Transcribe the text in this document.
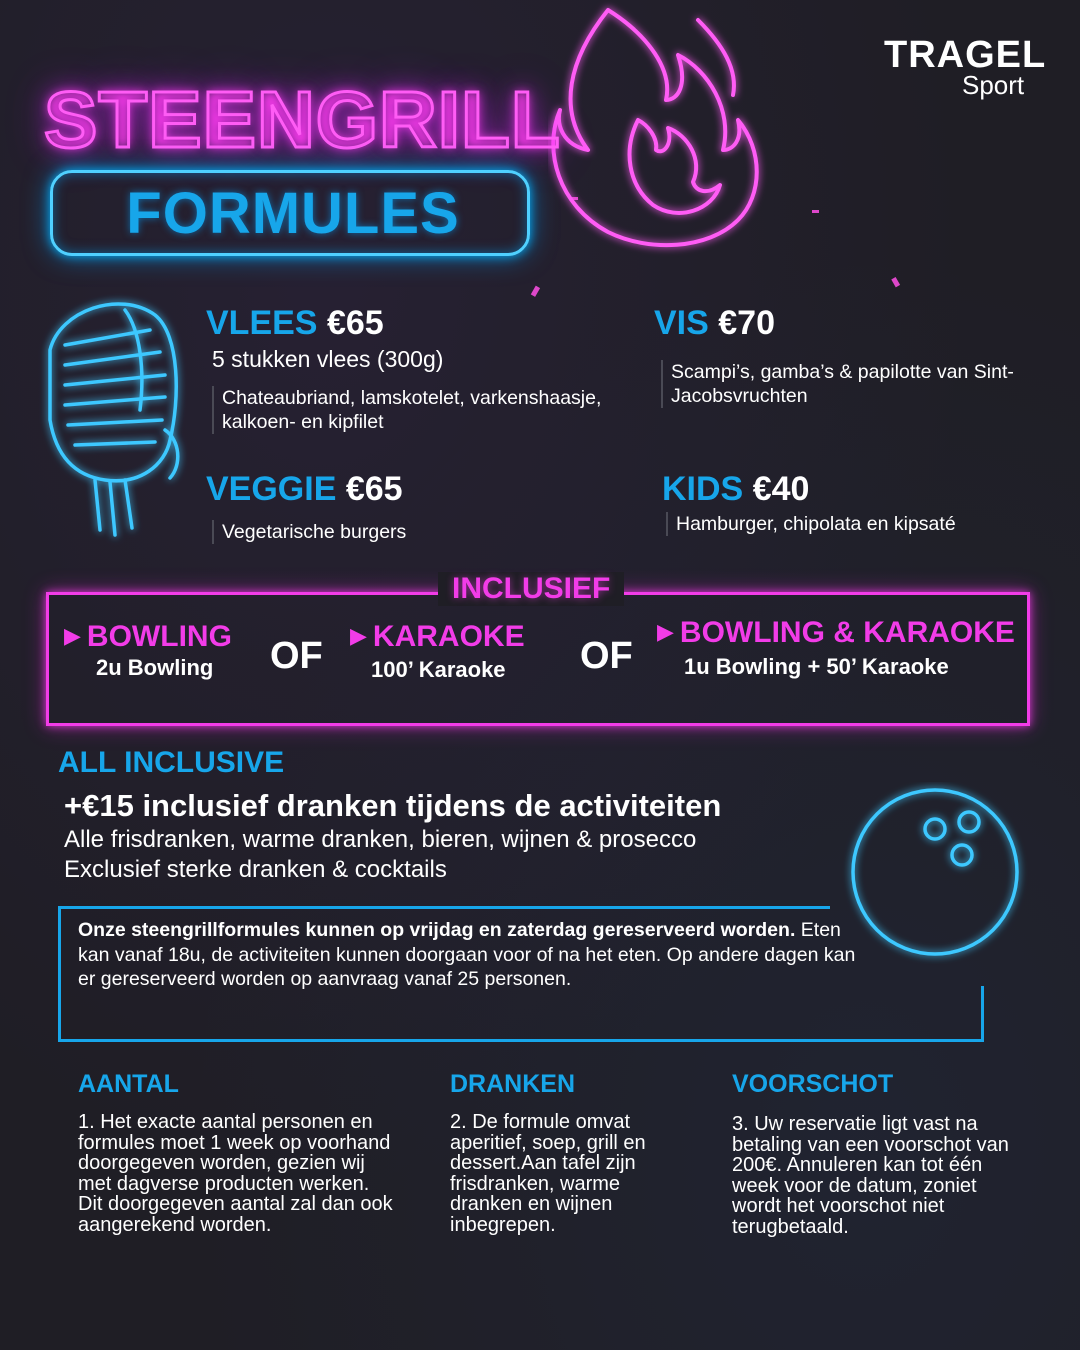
TRAGEL
Sport
STEENGRILL
FORMULES
VLEES €65
5 stukken vlees (300g)
Chateaubriand, lamskotelet, varkenshaasje, kalkoen- en kipfilet
VIS €70
Scampi’s, gamba’s & papilotte van Sint-Jacobsvruchten
VEGGIE €65
Vegetarische burgers
KIDS €40
Hamburger, chipolata en kipsaté
INCLUSIEF
▶ BOWLING
2u Bowling OF ▶ KARAOKE
100’ Karaoke OF
▶ BOWLING & KARAOKE
1u Bowling + 50’ Karaoke
ALL INCLUSIVE
+€15 inclusief dranken tijdens de activiteiten
Alle frisdranken, warme dranken, bieren, wijnen & prosecco
Exclusief sterke dranken & cocktails
Onze steengrillformules kunnen op vrijdag en zaterdag gereserveerd worden. Eten kan vanaf 18u, de activiteiten kunnen doorgaan voor of na het eten. Op andere dagen kan er gereserveerd worden op aanvraag vanaf 25 personen.
AANTAL
1. Het exacte aantal personen en formules moet 1 week op voorhand doorgegeven worden, gezien wij met dagverse producten werken. Dit doorgegeven aantal zal dan ook aangerekend worden.
DRANKEN
2. De formule omvat aperitief, soep, grill en dessert.Aan tafel zijn frisdranken, warme dranken en wijnen inbegrepen.
VOORSCHOT
3. Uw reservatie ligt vast na betaling van een voorschot van 200€. Annuleren kan tot één week voor de datum, zoniet wordt het voorschot niet terugbetaald.
